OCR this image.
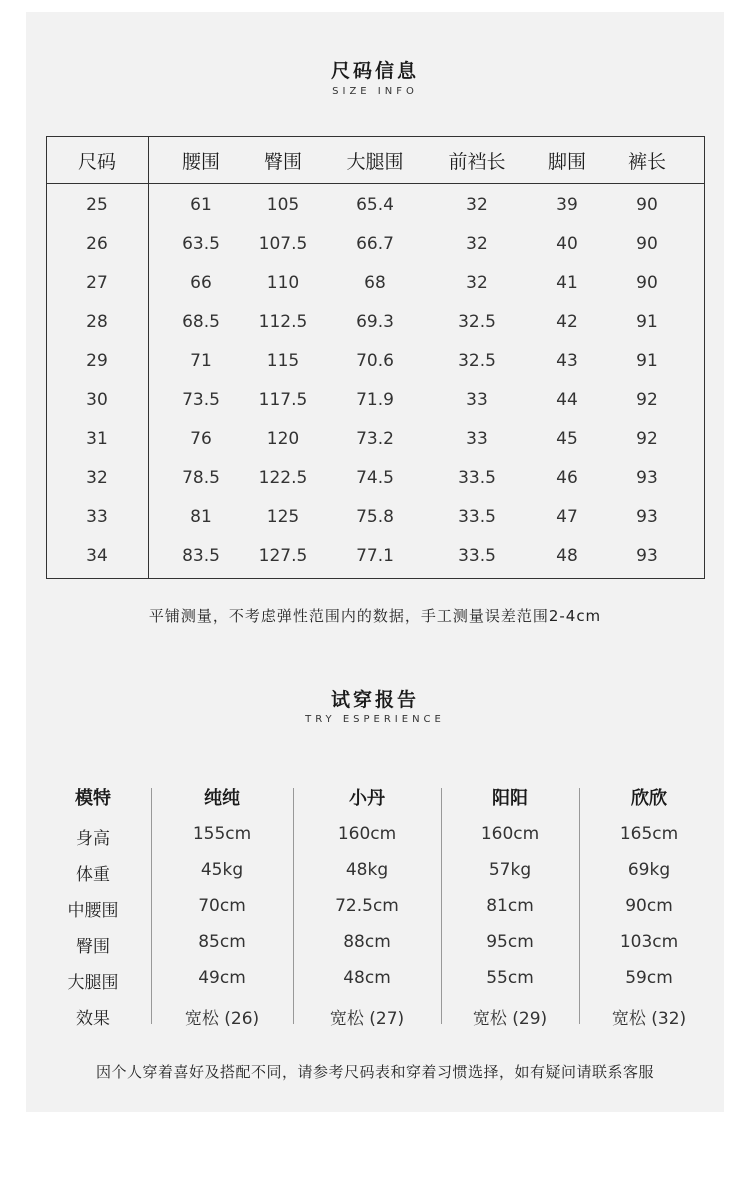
尺码信息
SIZE INFO
尺码	腰围	臀围	大腿围	前裆长	脚围	裤长
25	61	105	65.4	32	39	90
26	63.5	107.5	66.7	32	40	90
27	66	110	68	32	41	90
28	68.5	112.5	69.3	32.5	42	91
29	71	115	70.6	32.5	43	91
30	73.5	117.5	71.9	33	44	92
31	76	120	73.2	33	45	92
32	78.5	122.5	74.5	33.5	46	93
33	81	125	75.8	33.5	47	93
34	83.5	127.5	77.1	33.5	48	93
平铺测量，不考虑弹性范围内的数据，手工测量误差范围2-4cm
试穿报告
TRY ESPERIENCE
模特	纯纯	小丹	阳阳	欣欣
身高	155cm	160cm	160cm	165cm
体重	45kg	48kg	57kg	69kg
中腰围	70cm	72.5cm	81cm	90cm
臀围	85cm	88cm	95cm	103cm
大腿围	49cm	48cm	55cm	59cm
效果	宽松 (26)	宽松 (27)	宽松 (29)	宽松 (32)
因个人穿着喜好及搭配不同，请参考尺码表和穿着习惯选择，如有疑问请联系客服
